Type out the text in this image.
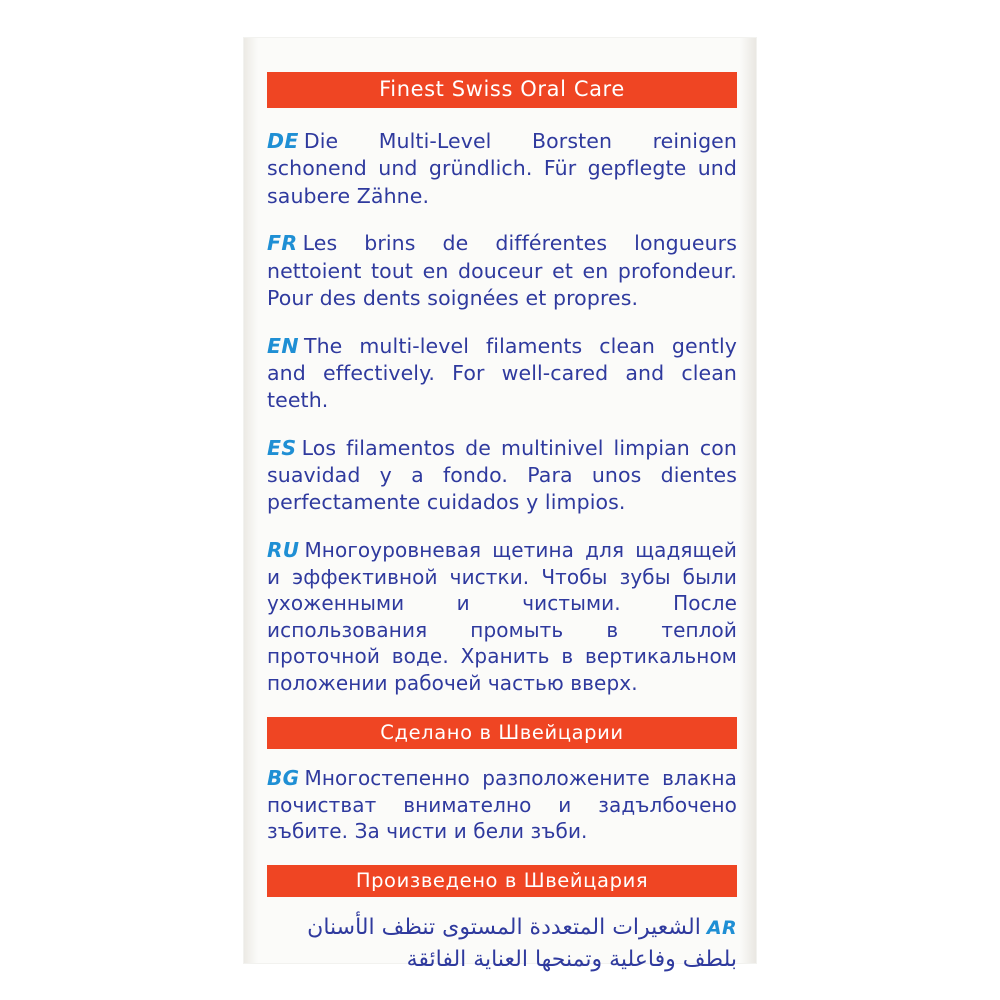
Finest Swiss Oral Care

DE Die Multi-Level Borsten reinigen schonend und gründlich. Für gepflegte und saubere Zähne.

FR Les brins de différentes longueurs nettoient tout en douceur et en profondeur. Pour des dents soignées et propres.

EN The multi-level filaments clean gently and effectively. For well-cared and clean teeth.

ES Los filamentos de multinivel limpian con suavidad y a fondo. Para unos dientes perfectamente cuidados y limpios.

RU Многоуровневая щетина для щадящей и эффективной чистки. Чтобы зубы были ухоженными и чистыми. После использования промыть в теплой проточной воде. Хранить в вертикальном положении рабочей частью вверх.

Сделано в Швейцарии

BG Многостепенно разположените влакна почистват внимателно и задълбочено зъбите. За чисти и бели зъби.

Произведено в Швейцария

ARالشعيرات المتعددة المستوى تنظف الأسنان بلطف وفاعلية وتمنحها العناية الفائقة
